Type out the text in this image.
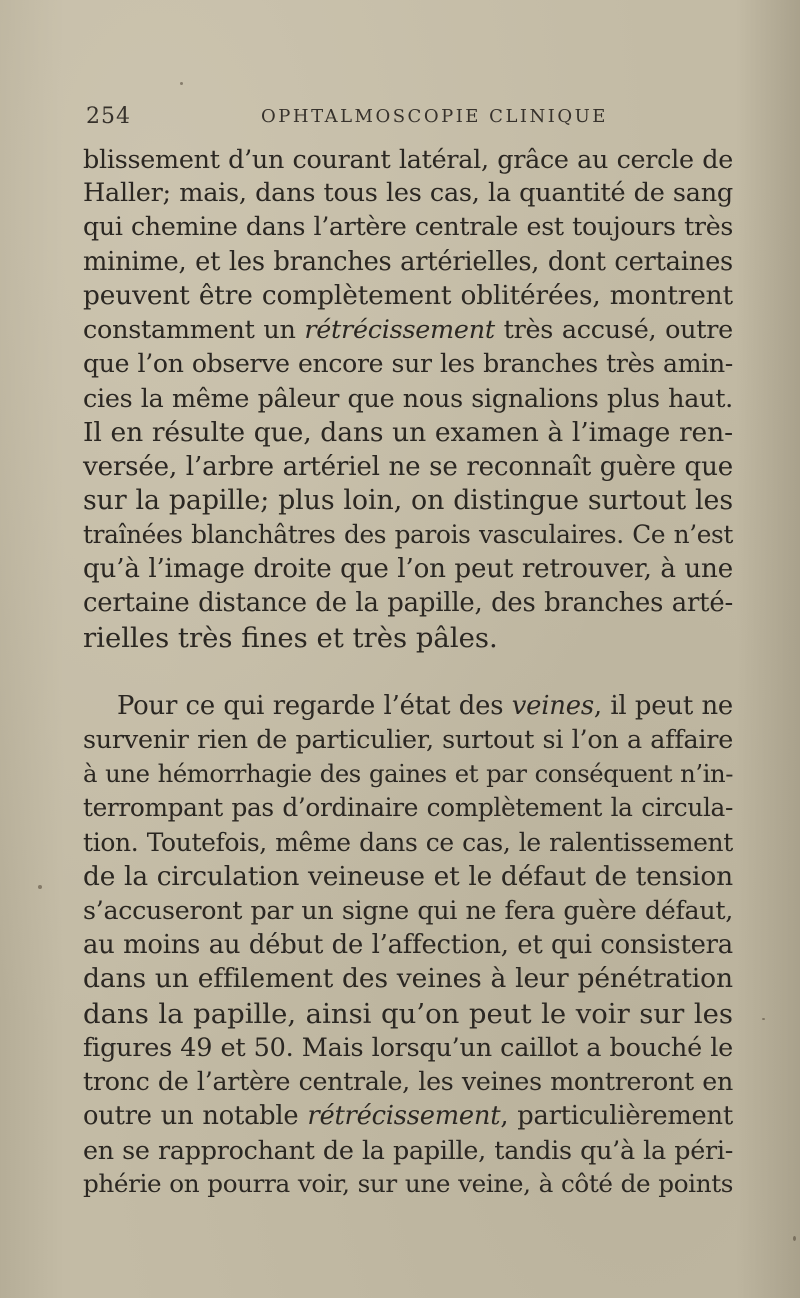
254	OPHTALMOSCOPIE CLINIQUE
blissement d’un courant latéral, grâce au cercle de
Haller; mais, dans tous les cas, la quantité de sang
qui chemine dans l’artère centrale est toujours très
minime, et les branches artérielles, dont certaines
peuvent être complètement oblitérées, montrent
constamment un rétrécissement très accusé, outre
que l’on observe encore sur les branches très amin-
cies la même pâleur que nous signalions plus haut.
Il en résulte que, dans un examen à l’image ren-
versée, l’arbre artériel ne se reconnaît guère que
sur la papille; plus loin, on distingue surtout les
traînées blanchâtres des parois vasculaires. Ce n’est
qu’à l’image droite que l’on peut retrouver, à une
certaine distance de la papille, des branches arté-
rielles très fines et très pâles.
Pour ce qui regarde l’état des veines, il peut ne
survenir rien de particulier, surtout si l’on a affaire
à une hémorrhagie des gaines et par conséquent n’in-
terrompant pas d’ordinaire complètement la circula-
tion. Toutefois, même dans ce cas, le ralentissement
de la circulation veineuse et le défaut de tension
s’accuseront par un signe qui ne fera guère défaut,
au moins au début de l’affection, et qui consistera
dans un effilement des veines à leur pénétration
dans la papille, ainsi qu’on peut le voir sur les
figures 49 et 50. Mais lorsqu’un caillot a bouché le
tronc de l’artère centrale, les veines montreront en
outre un notable rétrécissement, particulièrement
en se rapprochant de la papille, tandis qu’à la péri-
phérie on pourra voir, sur une veine, à côté de points
